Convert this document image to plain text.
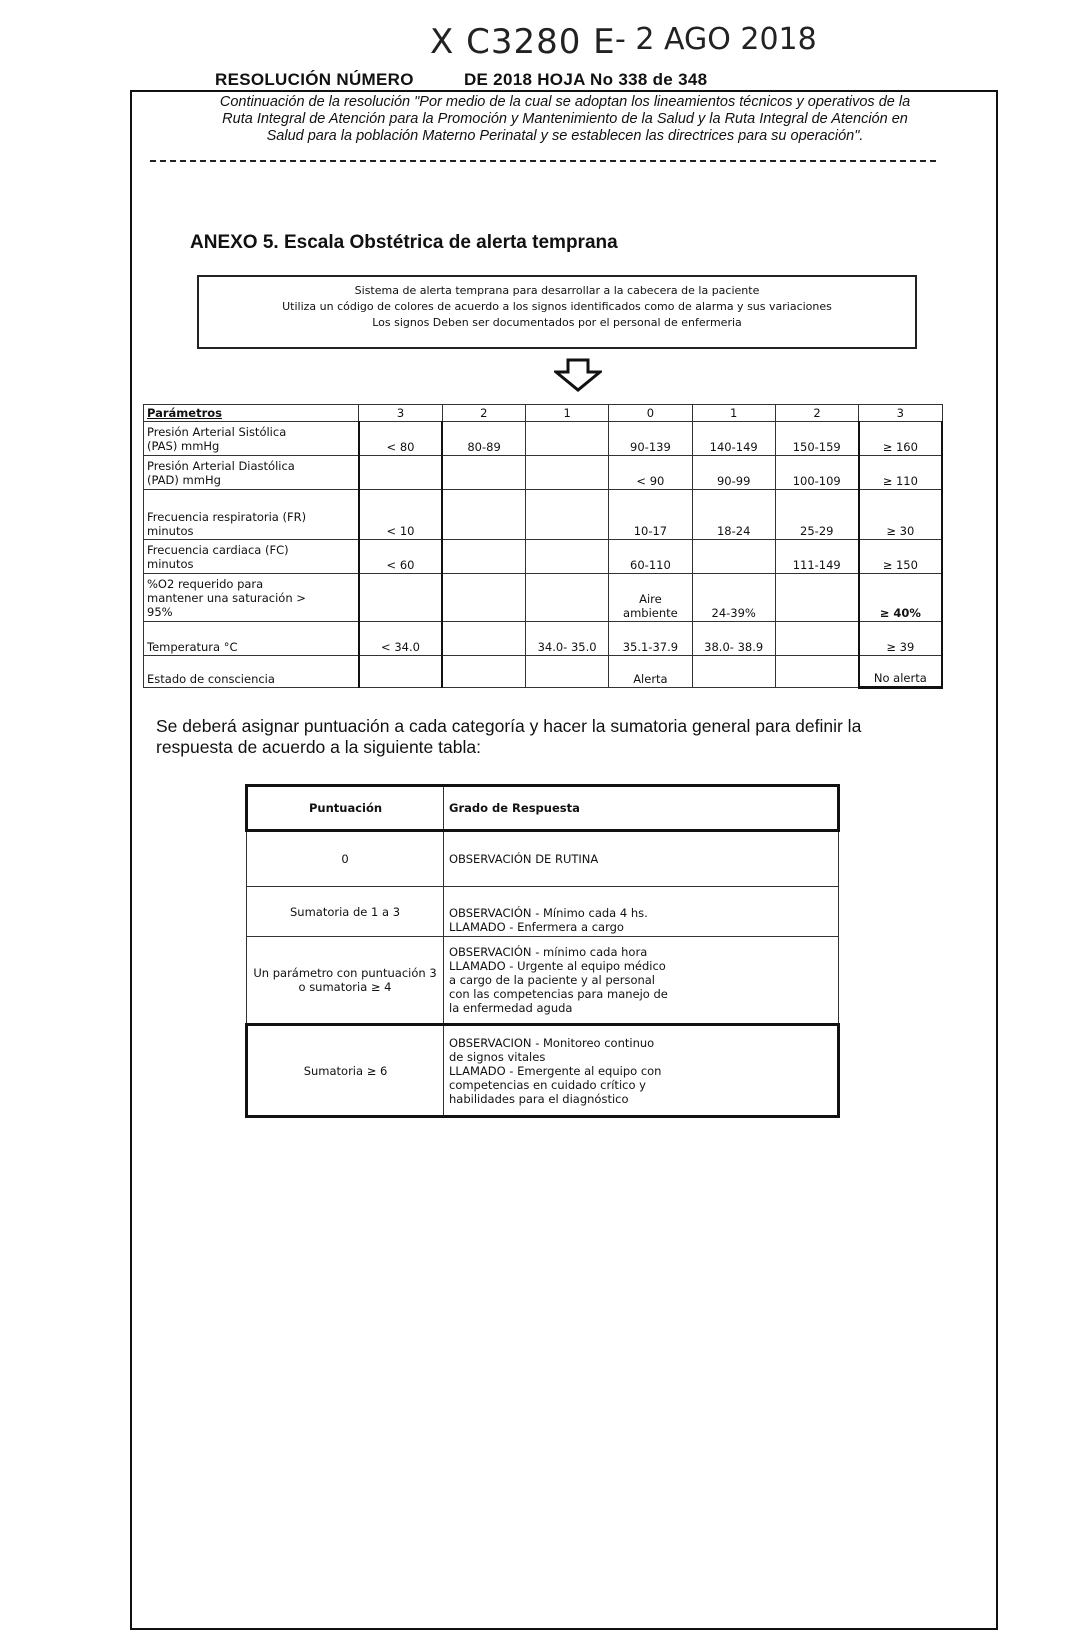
X C3280 E - 2 AGO 2018
RESOLUCIÓN NÚMERO          DE 2018 HOJA No 338 de 348
Continuación de la resolución "Por medio de la cual se adoptan los lineamientos técnicos y operativos de la
Ruta Integral de Atención para la Promoción y Mantenimiento de la Salud y la Ruta Integral de Atención en
Salud para la población Materno Perinatal y se establecen las directrices para su operación".
ANEXO 5. Escala Obstétrica de alerta temprana
Sistema de alerta temprana para desarrollar a la cabecera de la paciente
Utiliza un código de colores de acuerdo a los signos identificados como de alarma y sus variaciones
Los signos Deben ser documentados por el personal de enfermeria
Parámetros	3	2	1	0	1	2	3

Presión Arterial Sistólica
(PAS) mmHg	< 80	80-89		90-139	140-149	150-159	≥ 160

Presión Arterial Diastólica
(PAD) mmHg				< 90	90-99	100-109	≥ 110

Frecuencia respiratoria (FR)
minutos	< 10			10-17	18-24	25-29	≥ 30

Frecuencia cardiaca (FC)
minutos	< 60			60-110		111-149	≥ 150

%O2 requerido para
mantener una saturación >
95%				Aire ambiente	24-39%		≥ 40%

Temperatura °C	< 34.0		34.0- 35.0	35.1-37.9	38.0- 38.9		≥ 39

Estado de consciencia				Alerta			No alerta
Se deberá asignar puntuación a cada categoría y hacer la sumatoria general para definir la respuesta de acuerdo a la siguiente tabla:
Puntuación	Grado de Respuesta
0	OBSERVACIÓN DE RUTINA

Sumatoria de 1 a 3	OBSERVACIÓN - Mínimo cada 4 hs.
LLAMADO - Enfermera a cargo

Un parámetro con puntuación 3 o sumatoria ≥ 4	OBSERVACIÓN - mínimo cada hora
LLAMADO - Urgente al equipo médico
a cargo de la paciente y al personal
con las competencias para manejo de
la enfermedad aguda

Sumatoria ≥ 6	OBSERVACION - Monitoreo continuo
de signos vitales
LLAMADO - Emergente al equipo con
competencias en cuidado crítico y
habilidades para el diagnóstico
